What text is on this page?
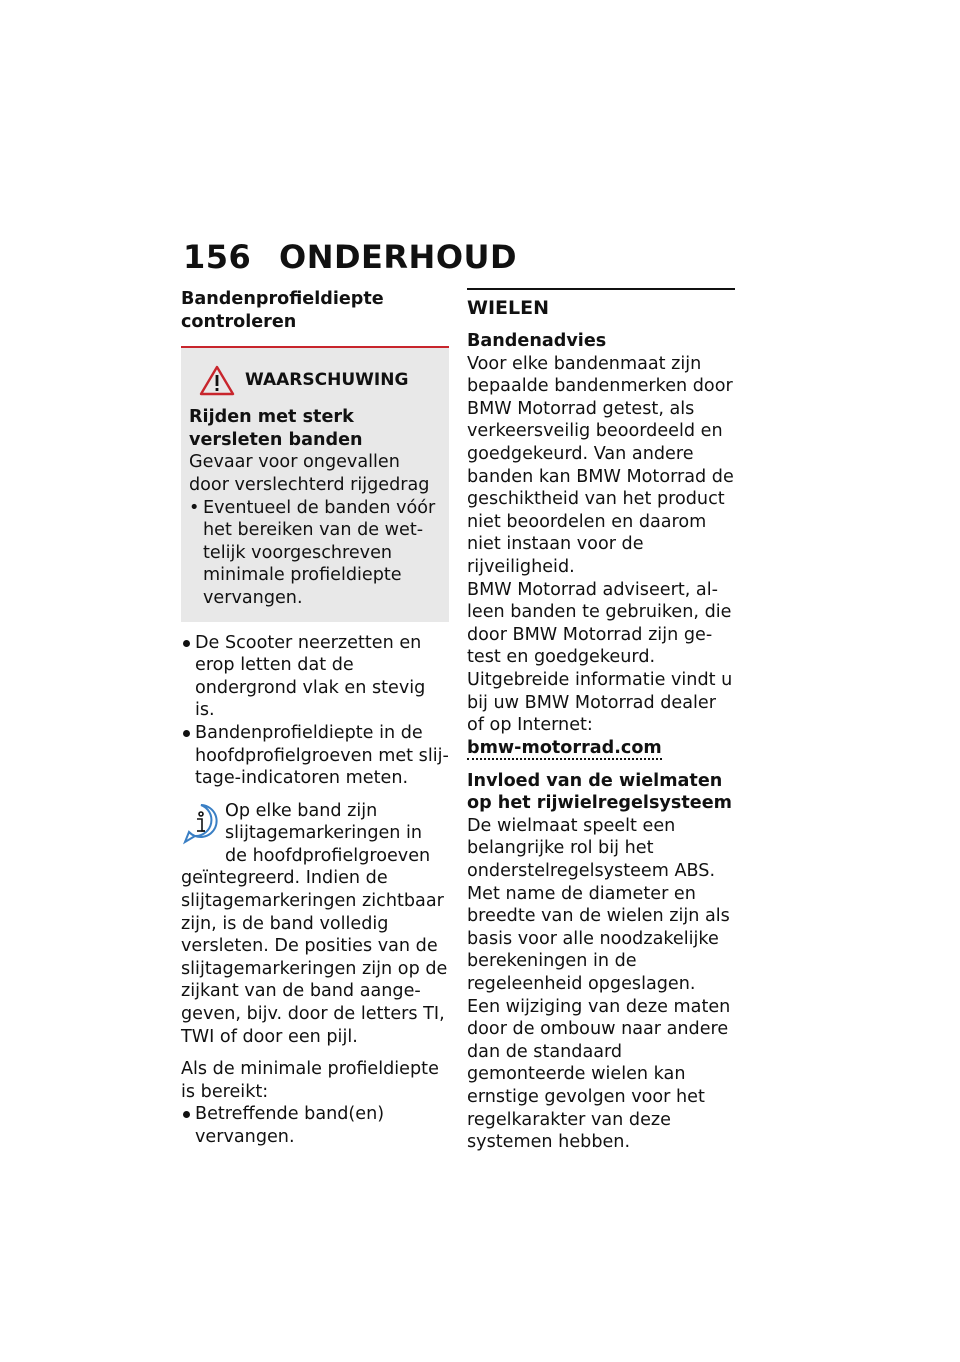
156 ONDERHOUD
Bandenprofieldiepte controleren
WAARSCHUWING
Rijden met sterk versleten banden
Gevaar voor ongevallen door verslechterd rijgedrag
• Eventueel de banden vóór het bereiken van de wettelijk voorgeschreven minimale profieldiepte vervangen.
De Scooter neerzetten en erop letten dat de ondergrond vlak en stevig is.
Bandenprofieldiepte in de hoofdprofielgroeven met slijtage-indicatoren meten.
Op elke band zijn slijtagemarkeringen in de hoofdprofielgroeven geïntegreerd. Indien de slijtagemarkeringen zichtbaar zijn, is de band volledig versleten. De posities van de slijtagemarkeringen zijn op de zijkant van de band aangegeven, bijv. door de letters TI, TWI of door een pijl.
Als de minimale profieldiepte is bereikt:
Betreffende band(en) vervangen.
WIELEN
Bandenadvies
Voor elke bandenmaat zijn bepaalde bandenmerken door BMW Motorrad getest, als verkeersveilig beoordeeld en goedgekeurd. Van andere banden kan BMW Motorrad de geschiktheid van het product niet beoordelen en daarom niet instaan voor de rijveiligheid.
BMW Motorrad adviseert, alleen banden te gebruiken, die door BMW Motorrad zijn getest en goedgekeurd.
Uitgebreide informatie vindt u bij uw BMW Motorrad dealer of op Internet:
bmw-motorrad.com
Invloed van de wielmaten op het rijwielregelsysteem
De wielmaat speelt een belangrijke rol bij het onderstelregelsysteem ABS. Met name de diameter en breedte van de wielen zijn als basis voor alle noodzakelijke berekeningen in de regeleenheid opgeslagen.
Een wijziging van deze maten door de ombouw naar andere dan de standaard gemonteerde wielen kan ernstige gevolgen voor het regelkarakter van deze systemen hebben.
